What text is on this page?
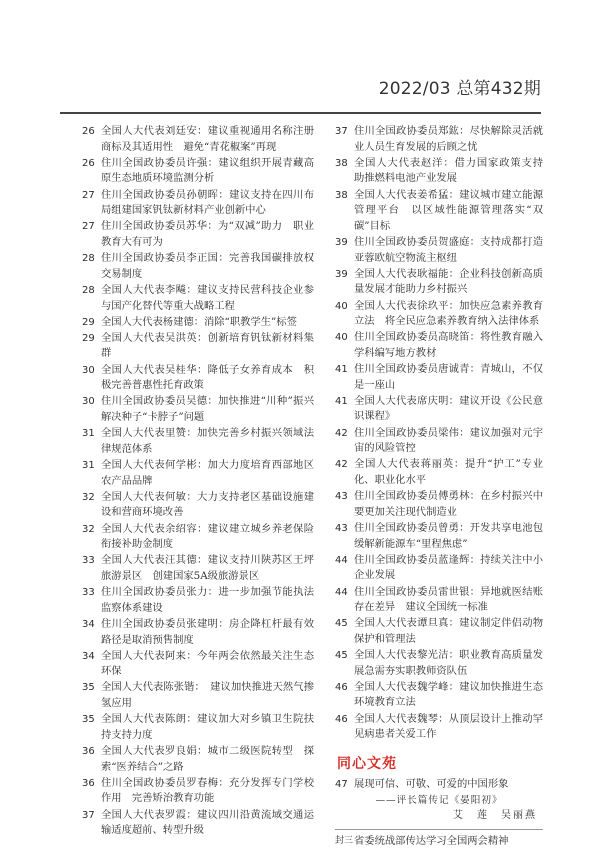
2022/03 总第432期
26 全国人大代表刘廷安：建议重视通用名称注册商标及其适用性　避免“青花椒案”再现
26 住川全国政协委员许强：建议组织开展青藏高原生态地质环境监测分析
27 住川全国政协委员孙朝晖：建议支持在四川布局组建国家钒钛新材料产业创新中心
27 住川全国政协委员苏华：为“双减”助力　职业教育大有可为
28 住川全国政协委员李正国：完善我国碳排放权交易制度
28 全国人大代表李飚：建议支持民营科技企业参与国产化替代等重大战略工程
29 全国人大代表杨建德：消除“职教学生”标签
29 全国人大代表吴洪英：创新培育钒钛新材料集群
30 全国人大代表吴桂华：降低子女养育成本　积极完善普惠性托育政策
30 住川全国政协委员吴德：加快推进“川种”振兴　解决种子“卡脖子”问题
31 全国人大代表里赞：加快完善乡村振兴领域法律规范体系
31 全国人大代表何学彬：加大力度培育西部地区农产品品牌
32 全国人大代表何敏：大力支持老区基础设施建设和营商环境改善
32 全国人大代表余绍容：建议建立城乡养老保险衔接补助金制度
33 全国人大代表汪其德：建议支持川陕苏区王坪旅游景区　创建国家5A级旅游景区
33 住川全国政协委员张力：进一步加强节能执法监察体系建设
34 住川全国政协委员张建明：房企降杠杆最有效路径是取消预售制度
34 全国人大代表阿来：今年两会依然最关注生态环保
35 全国人大代表陈张锴：　建议加快推进天然气掺氢应用
35 全国人大代表陈朗：建议加大对乡镇卫生院扶持支持力度
36 全国人大代表罗良娟：城市二级医院转型　探索“医养结合”之路
36 住川全国政协委员罗春梅：充分发挥专门学校作用　完善矫治教育功能
37 全国人大代表罗霞：建议四川沿黄流域交通运输适度超前、转型升级
37 住川全国政协委员郑鈜：尽快解除灵活就业人员生育发展的后顾之忧
38 全国人大代表赵洋：借力国家政策支持　助推燃料电池产业发展
38 全国人大代表姜希猛：建议城市建立能源管理平台　以区域性能源管理落实“双碳”目标
39 住川全国政协委员贺盛庭：支持成都打造亚蓉欧航空物流主枢纽
39 全国人大代表耿福能：企业科技创新高质量发展才能助力乡村振兴
40 全国人大代表徐玖平：加快应急素养教育立法　将全民应急素养教育纳入法律体系
40 住川全国政协委员高晓笛：将性教育融入学科编写地方教材
41 住川全国政协委员唐诚青：青城山，不仅是一座山
41 全国人大代表席庆明：建议开设《公民意识课程》
42 住川全国政协委员梁伟：建议加强对元宇宙的风险管控
42 全国人大代表蒋丽英：提升“护工”专业化、职业化水平
43 住川全国政协委员傅勇林：在乡村振兴中要更加关注现代制造业
43 住川全国政协委员曾勇：开发共享电池包缓解新能源车“里程焦虑”
44 住川全国政协委员蓝逢辉：持续关注中小企业发展
44 住川全国政协委员雷世银：异地就医结账存在差异　建议全国统一标准
45 全国人大代表谭旦真：建议制定伴侣动物保护和管理法
45 全国人大代表黎光洁：职业教育高质量发展急需夯实职教师资队伍
46 全国人大代表魏学峰：建议加快推进生态环境教育立法
46 全国人大代表魏琴：从顶层设计上推动罕见病患者关爱工作
同心文苑
47 展现可信、可敬、可爱的中国形象
——评长篇传记《晏阳初》
艾　莲　吴丽燕
封三 省委统战部传达学习全国两会精神
